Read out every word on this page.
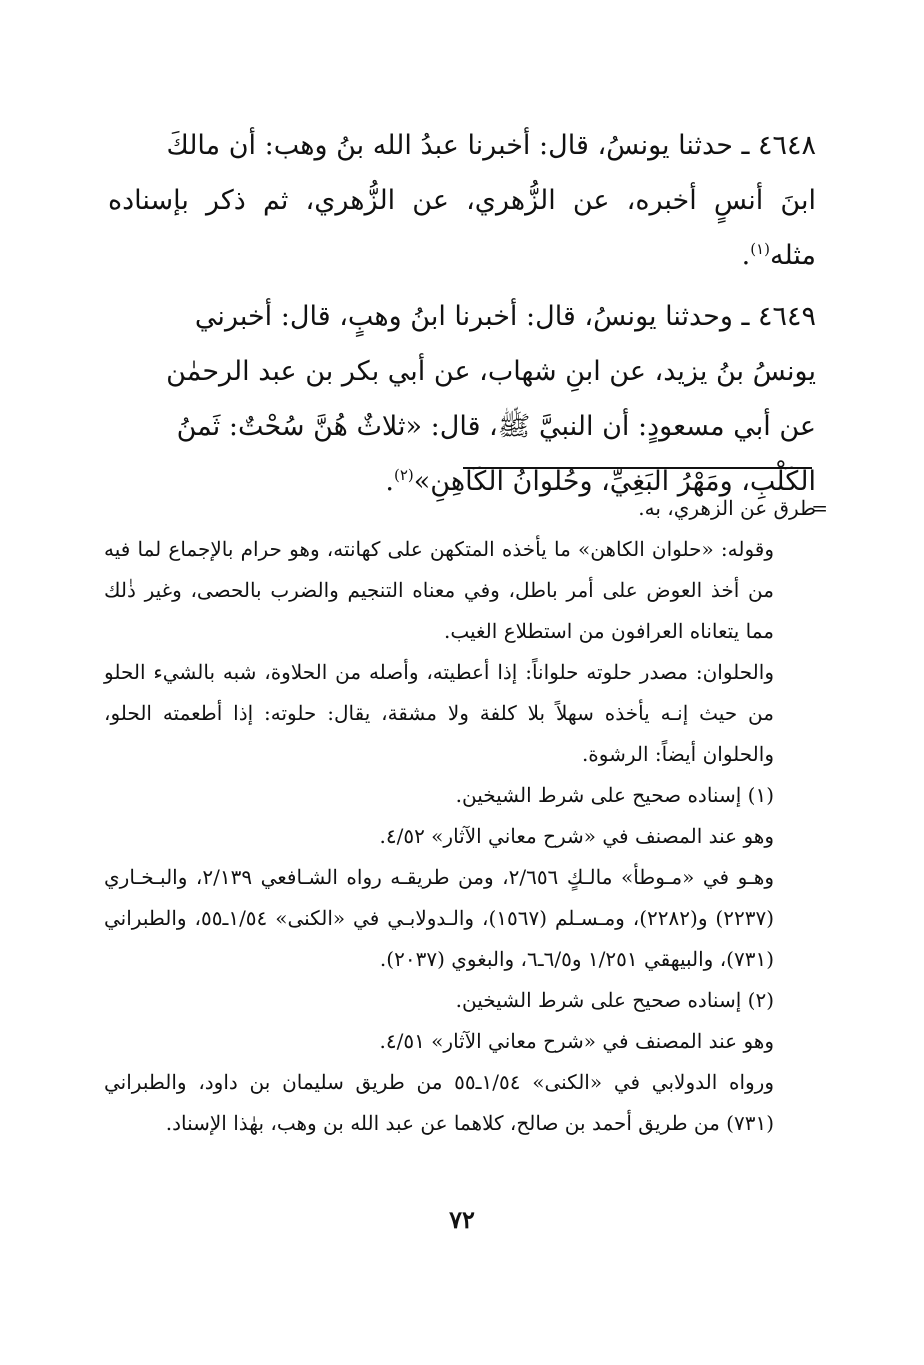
٤٦٤٨ ـ حدثنا يونسُ، قال: أخبرنا عبدُ الله بنُ وهب: أن مالكَ
ابنَ أنسٍ أخبره، عن الزُّهري، عن الزُّهري، ثم ذكر بإسناده مثله$^{(١)}$.

٤٦٤٩ ـ وحدثنا يونسُ، قال: أخبرنا ابنُ وهبٍ، قال: أخبرني
يونسُ بنُ يزيد، عن ابنِ شهاب، عن أبي بكر بن عبد الرحمٰن
عن أبي مسعودٍ: أن النبيَّ ﷺ، قال: «ثلاثٌ هُنَّ سُحْتٌ: ثَمنُ
الكَلْبِ، ومَهْرُ البَغِيِّ، وحُلوانُ الكَاهِنِ»$^{(٢)}$.

=
طرق عن الزهري، به.

وقوله: «حلوان الكاهن» ما يأخذه المتكهن على كهانته، وهو حرام بالإجماع لما فيه من أخذ العوض على أمر باطل، وفي معناه التنجيم والضرب بالحصى، وغير ذٰلك مما يتعاناه العرافون من استطلاع الغيب.

والحلوان: مصدر حلوته حلواناً: إذا أعطيته، وأصله من الحلاوة، شبه بالشيء الحلو من حيث إنـه يأخذه سهلاً بلا كلفة ولا مشقة، يقال: حلوته: إذا أطعمته الحلو، والحلوان أيضاً: الرشوة.

(١) إسناده صحيح على شرط الشيخين.

وهو عند المصنف في «شرح معاني الآثار» ٤/٥٢.

وهـو في «مـوطأ» مالـكٍ ٢/٦٥٦، ومن طريقـه رواه الشـافعي ٢/١٣٩، والبـخـاري (٢٢٣٧) و(٢٢٨٢)، ومـسـلم (١٥٦٧)، والـدولابـي في «الكنى» ١/٥٤ـ٥٥، والطبراني (٧٣١)، والبيهقي ١/٢٥١ و٦/٥ـ٦، والبغوي (٢٠٣٧).

(٢) إسناده صحيح على شرط الشيخين.

وهو عند المصنف في «شرح معاني الآثار» ٤/٥١.

ورواه الدولابي في «الكنى» ١/٥٤ـ٥٥ من طريق سليمان بن داود، والطبراني (٧٣١) من طريق أحمد بن صالح، كلاهما عن عبد الله بن وهب، بهٰذا الإسناد.

٧٢
